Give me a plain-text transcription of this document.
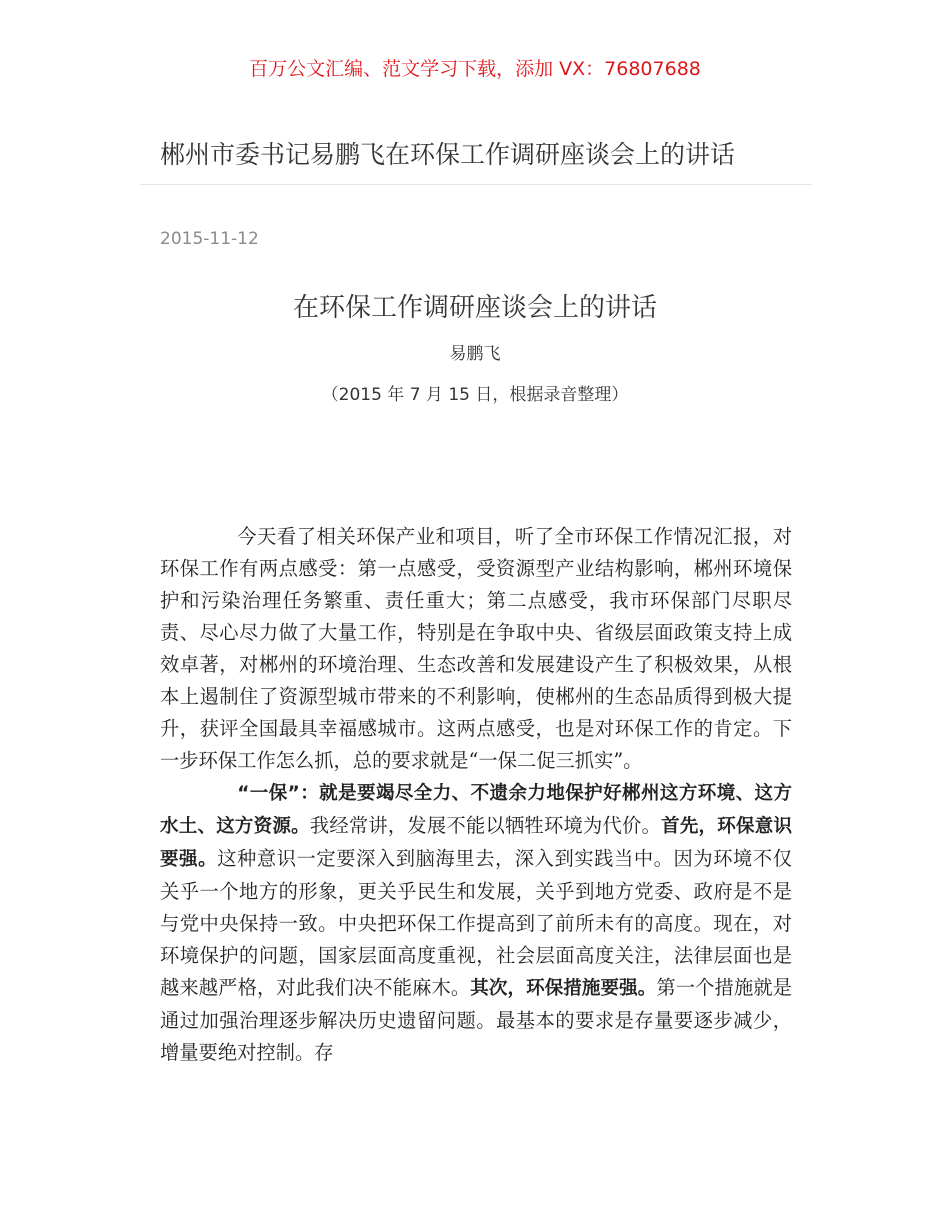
百万公文汇编、范文学习下载，添加 VX：76807688
郴州市委书记易鹏飞在环保工作调研座谈会上的讲话
2015-11-12
在环保工作调研座谈会上的讲话
易鹏飞
（2015 年 7 月 15 日，根据录音整理）

今天看了相关环保产业和项目，听了全市环保工作情况汇报，对环保工作有两点感受：第一点感受，受资源型产业结构影响，郴州环境保护和污染治理任务繁重、责任重大；第二点感受，我市环保部门尽职尽责、尽心尽力做了大量工作，特别是在争取中央、省级层面政策支持上成效卓著，对郴州的环境治理、生态改善和发展建设产生了积极效果，从根本上遏制住了资源型城市带来的不利影响，使郴州的生态品质得到极大提升，获评全国最具幸福感城市。这两点感受，也是对环保工作的肯定。下一步环保工作怎么抓，总的要求就是“一保二促三抓实”。

“一保”：就是要竭尽全力、不遗余力地保护好郴州这方环境、这方水土、这方资源。我经常讲，发展不能以牺牲环境为代价。首先，环保意识要强。这种意识一定要深入到脑海里去，深入到实践当中。因为环境不仅关乎一个地方的形象，更关乎民生和发展，关乎到地方党委、政府是不是与党中央保持一致。中央把环保工作提高到了前所未有的高度。现在，对环境保护的问题，国家层面高度重视，社会层面高度关注，法律层面也是越来越严格，对此我们决不能麻木。其次，环保措施要强。第一个措施就是通过加强治理逐步解决历史遗留问题。最基本的要求是存量要逐步减少，增量要绝对控制。存
